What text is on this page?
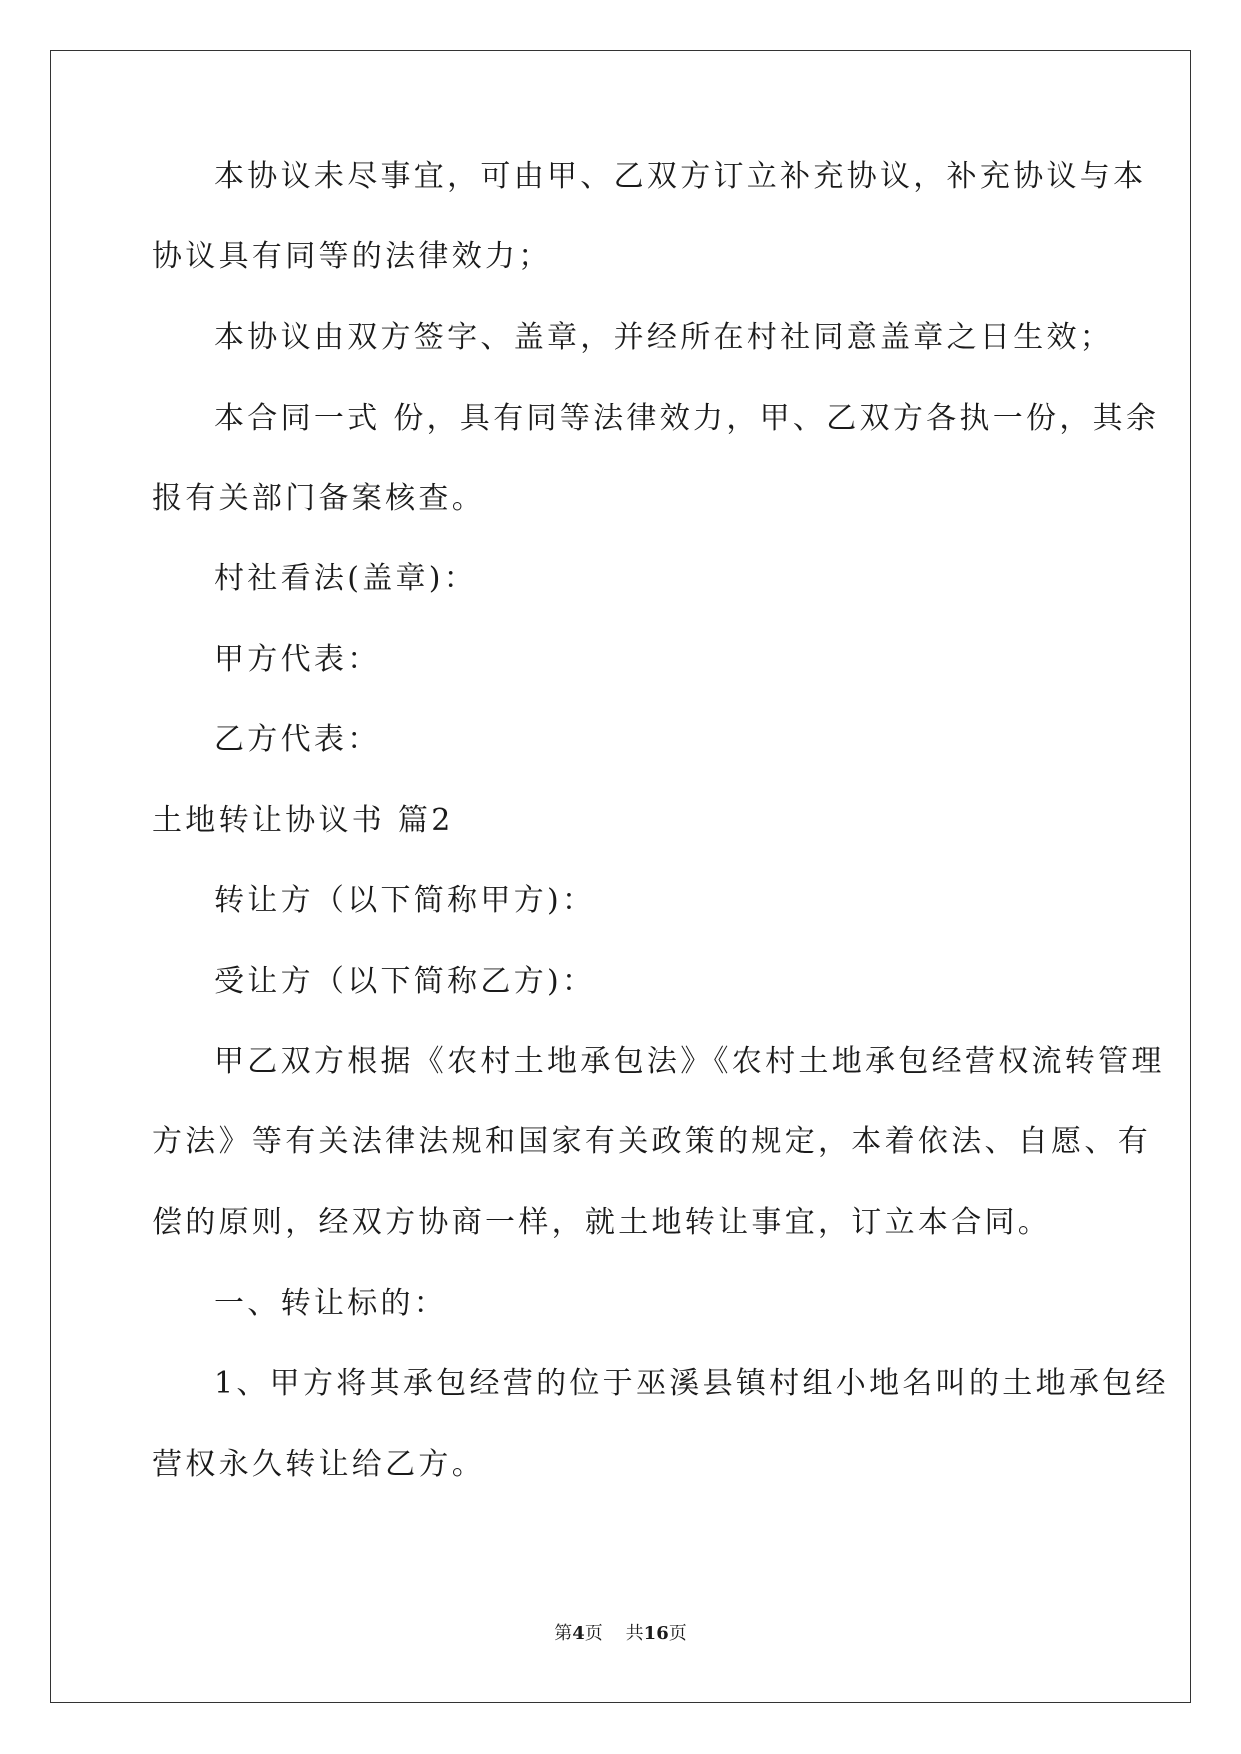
本协议未尽事宜，可由甲、乙双方订立补充协议，补充协议与本
协议具有同等的法律效力；
本协议由双方签字、盖章，并经所在村社同意盖章之日生效；
本合同一式 份，具有同等法律效力，甲、乙双方各执一份，其余
报有关部门备案核查。
村社看法(盖章)：
甲方代表：
乙方代表：
土地转让协议书 篇2
转让方（以下简称甲方)：
受让方（以下简称乙方)：
甲乙双方根据《农村土地承包法》《农村土地承包经营权流转管理
方法》等有关法律法规和国家有关政策的规定，本着依法、自愿、有
偿的原则，经双方协商一样，就土地转让事宜，订立本合同。
一、转让标的：
1、甲方将其承包经营的位于巫溪县镇村组小地名叫的土地承包经
营权永久转让给乙方。
第4页 共16页
